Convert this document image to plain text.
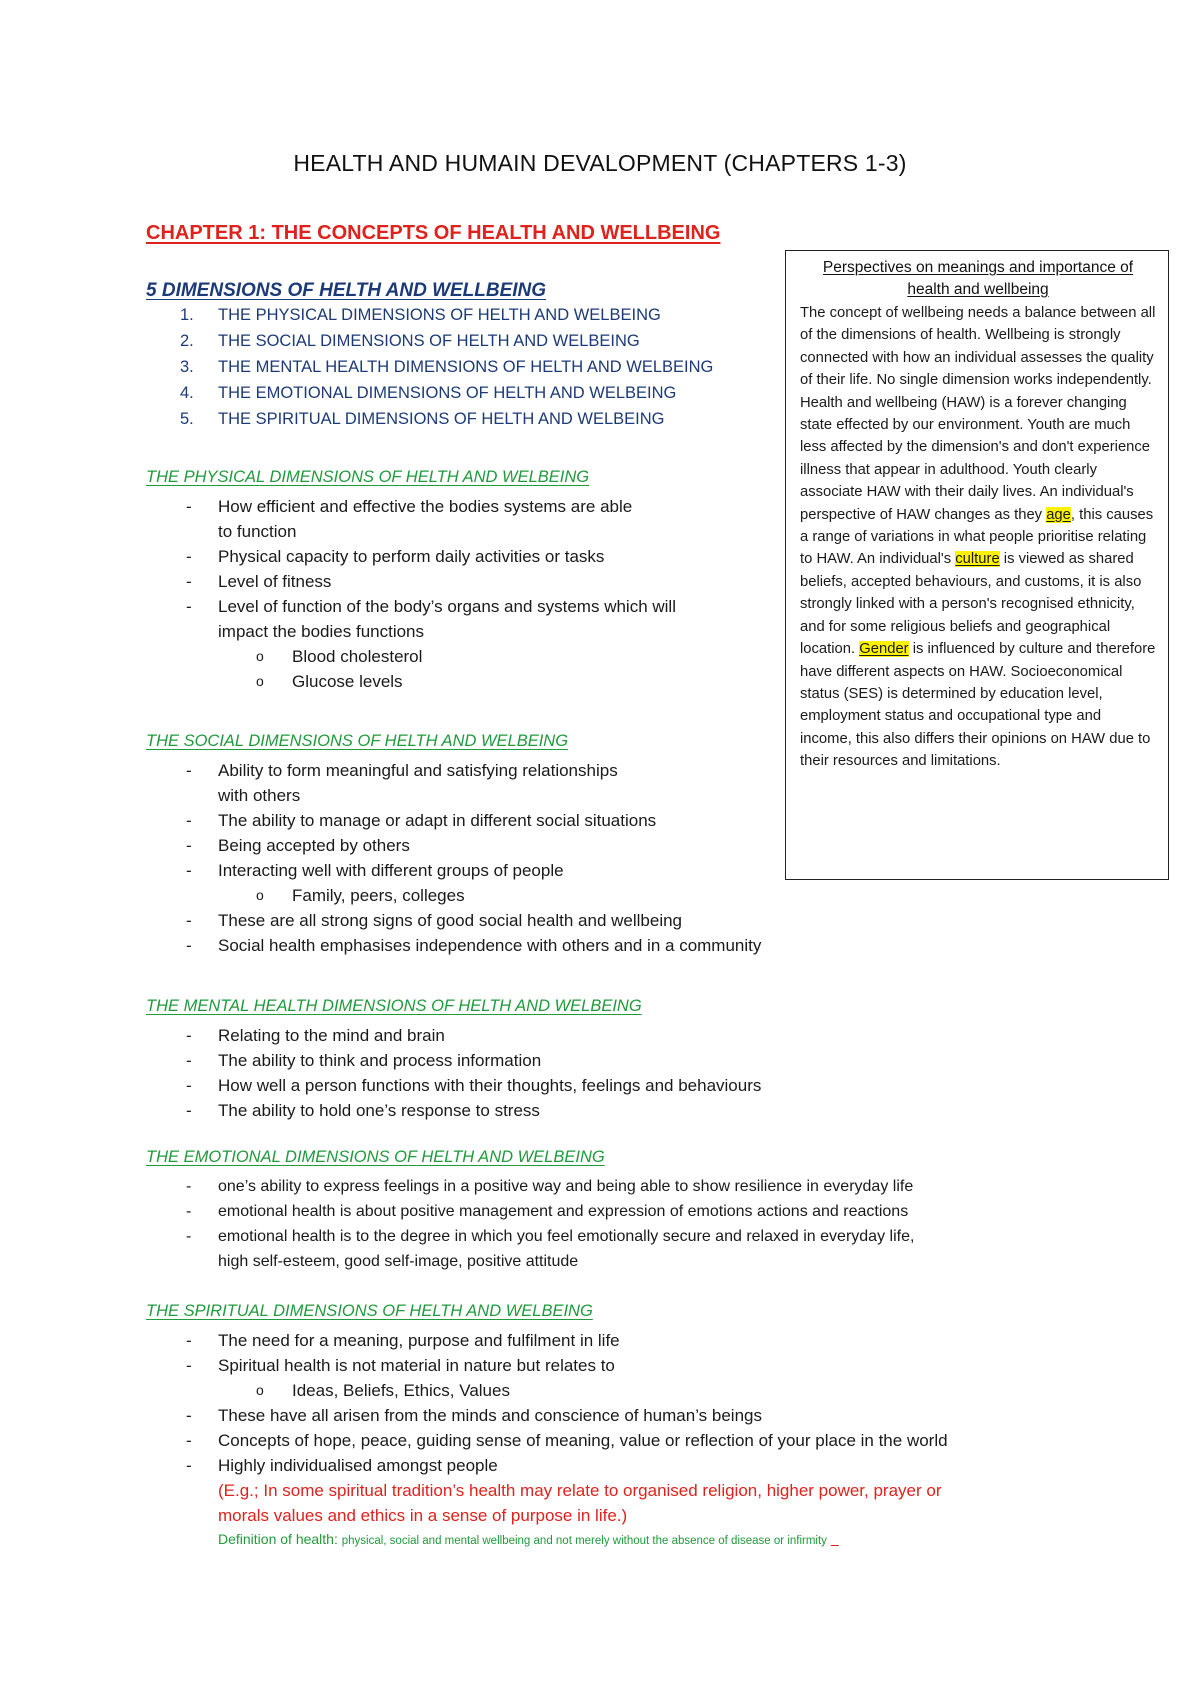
HEALTH AND HUMAIN DEVALOPMENT (CHAPTERS 1-3)
CHAPTER 1: THE CONCEPTS OF HEALTH AND WELLBEING
5 DIMENSIONS OF HELTH AND WELLBEING
1. THE PHYSICAL DIMENSIONS OF HELTH AND WELBEING
2. THE SOCIAL DIMENSIONS OF HELTH AND WELBEING
3. THE MENTAL HEALTH DIMENSIONS OF HELTH AND WELBEING
4. THE EMOTIONAL DIMENSIONS OF HELTH AND WELBEING
5. THE SPIRITUAL DIMENSIONS OF HELTH AND WELBEING
THE PHYSICAL DIMENSIONS OF HELTH AND WELBEING
- How efficient and effective the bodies systems are able
to function
- Physical capacity to perform daily activities or tasks
- Level of fitness
- Level of function of the body’s organs and systems which will
impact the bodies functions
o Blood cholesterol
o Glucose levels
THE SOCIAL DIMENSIONS OF HELTH AND WELBEING
- Ability to form meaningful and satisfying relationships
with others
- The ability to manage or adapt in different social situations
- Being accepted by others
- Interacting well with different groups of people
o Family, peers, colleges
- These are all strong signs of good social health and wellbeing
- Social health emphasises independence with others and in a community
THE MENTAL HEALTH DIMENSIONS OF HELTH AND WELBEING
- Relating to the mind and brain
- The ability to think and process information
- How well a person functions with their thoughts, feelings and behaviours
- The ability to hold one’s response to stress
THE EMOTIONAL DIMENSIONS OF HELTH AND WELBEING
- one’s ability to express feelings in a positive way and being able to show resilience in everyday life
- emotional health is about positive management and expression of emotions actions and reactions
- emotional health is to the degree in which you feel emotionally secure and relaxed in everyday life,
high self-esteem, good self-image, positive attitude
THE SPIRITUAL DIMENSIONS OF HELTH AND WELBEING
- The need for a meaning, purpose and fulfilment in life
- Spiritual health is not material in nature but relates to
o Ideas, Beliefs, Ethics, Values
- These have all arisen from the minds and conscience of human’s beings
- Concepts of hope, peace, guiding sense of meaning, value or reflection of your place in the world
- Highly individualised amongst people
(E.g.; In some spiritual tradition’s health may relate to organised religion, higher power, prayer or
morals values and ethics in a sense of purpose in life.)
Definition of health: physical, social and mental wellbeing and not merely without the absence of disease or infirmity _
Perspectives on meanings and importance of
health and wellbeing
The concept of wellbeing needs a balance between all of the dimensions of health. Wellbeing is strongly connected with how an individual assesses the quality of their life. No single dimension works independently. Health and wellbeing (HAW) is a forever changing state effected by our environment. Youth are much less affected by the dimension's and don't experience illness that appear in adulthood. Youth clearly associate HAW with their daily lives. An individual's perspective of HAW changes as they age, this causes a range of variations in what people prioritise relating to HAW. An individual's culture is viewed as shared beliefs, accepted behaviours, and customs, it is also strongly linked with a person's recognised ethnicity, and for some religious beliefs and geographical location. Gender is influenced by culture and therefore have different aspects on HAW. Socioeconomical status (SES) is determined by education level, employment status and occupational type and income, this also differs their opinions on HAW due to their resources and limitations.
